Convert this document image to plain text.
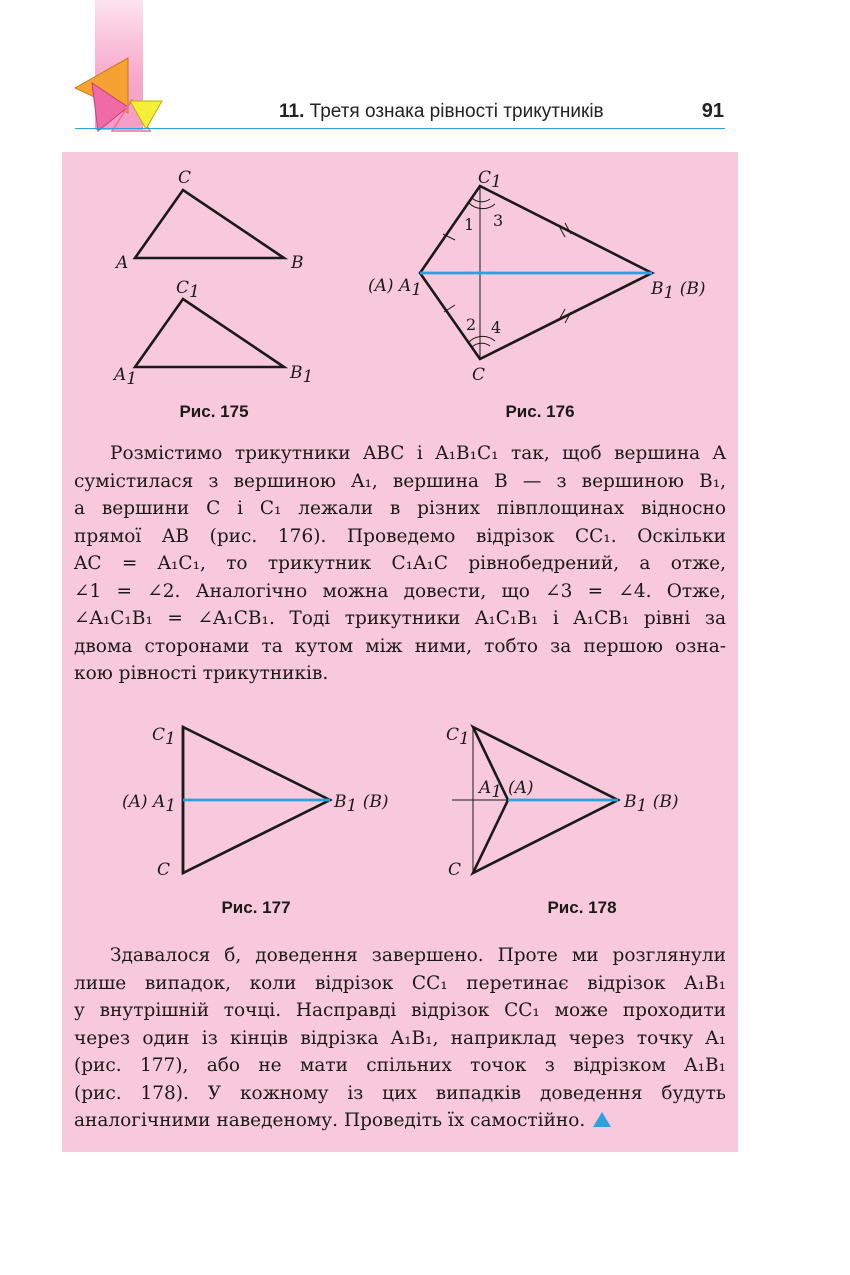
11. Третя ознака рівності трикутників	91
C
A	B
C1
A1	B1
Рис. 175
C1
(A) A1	B1 (B)
C
1 3
2 4
Рис. 176
Розмістимо трикутники ABC і A₁B₁C₁ так, щоб вершина A
сумістилася з вершиною A₁, вершина B — з вершиною B₁,
а вершини C і C₁ лежали в різних півплощинах відносно
прямої AB (рис. 176). Проведемо відрізок CC₁. Оскільки
AC = A₁C₁, то трикутник C₁A₁C рівнобедрений, а отже,
∠1 = ∠2. Аналогічно можна довести, що ∠3 = ∠4. Отже,
∠A₁C₁B₁ = ∠A₁CB₁. Тоді трикутники A₁C₁B₁ і A₁CB₁ рівні за
двома сторонами та кутом між ними, тобто за першою озна-
кою рівності трикутників.
C1
(A) A1	B1 (B)
C
Рис. 177
C1
A1 (A)
B1 (B)
C
Рис. 178
Здавалося б, доведення завершено. Проте ми розглянули
лише випадок, коли відрізок CC₁ перетинає відрізок A₁B₁
у внутрішній точці. Насправді відрізок CC₁ може проходити
через один із кінців відрізка A₁B₁, наприклад через точку A₁
(рис. 177), або не мати спільних точок з відрізком A₁B₁
(рис. 178). У кожному із цих випадків доведення будуть
аналогічними наведеному. Проведіть їх самостійно.
